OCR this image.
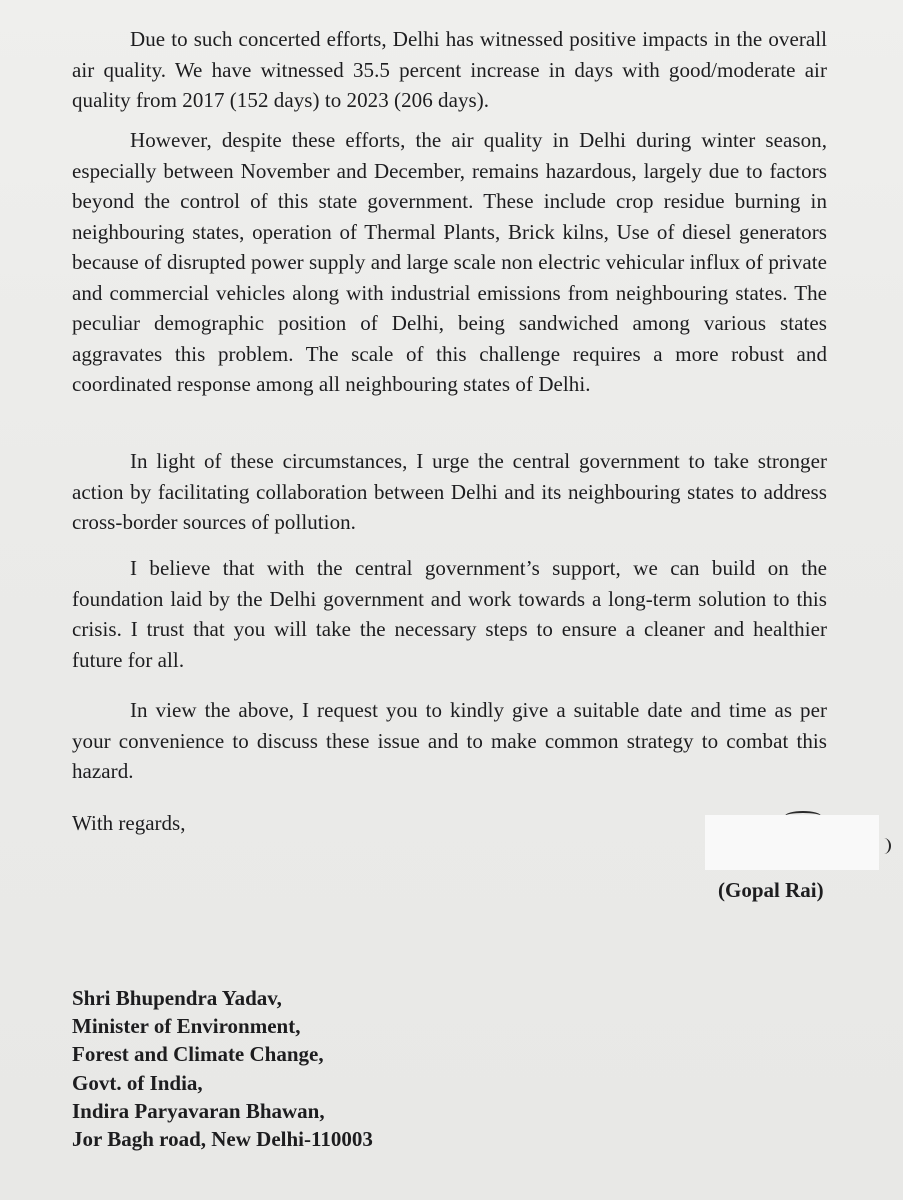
Due to such concerted efforts, Delhi has witnessed positive impacts in the overall air quality. We have witnessed 35.5 percent increase in days with good/moderate air quality from 2017 (152 days) to 2023 (206 days).

However, despite these efforts, the air quality in Delhi during winter season, especially between November and December, remains hazardous, largely due to factors beyond the control of this state government. These include crop residue burning in neighbouring states, operation of Thermal Plants, Brick kilns, Use of diesel generators because of disrupted power supply and large scale non electric vehicular influx of private and commercial vehicles along with industrial emissions from neighbouring states. The peculiar demographic position of Delhi, being sandwiched among various states aggravates this problem. The scale of this challenge requires a more robust and coordinated response among all neighbouring states of Delhi.

In light of these circumstances, I urge the central government to take stronger action by facilitating collaboration between Delhi and its neighbouring states to address cross-border sources of pollution.

I believe that with the central government’s support, we can build on the foundation laid by the Delhi government and work towards a long-term solution to this crisis. I trust that you will take the necessary steps to ensure a cleaner and healthier future for all.

In view the above, I request you to kindly give a suitable date and time as per your convenience to discuss these issue and to make common strategy to combat this hazard.

With regards,

(Gopal Rai)

Shri Bhupendra Yadav,
Minister of Environment,
Forest and Climate Change,
Govt. of India,
Indira Paryavaran Bhawan,
Jor Bagh road, New Delhi-110003
